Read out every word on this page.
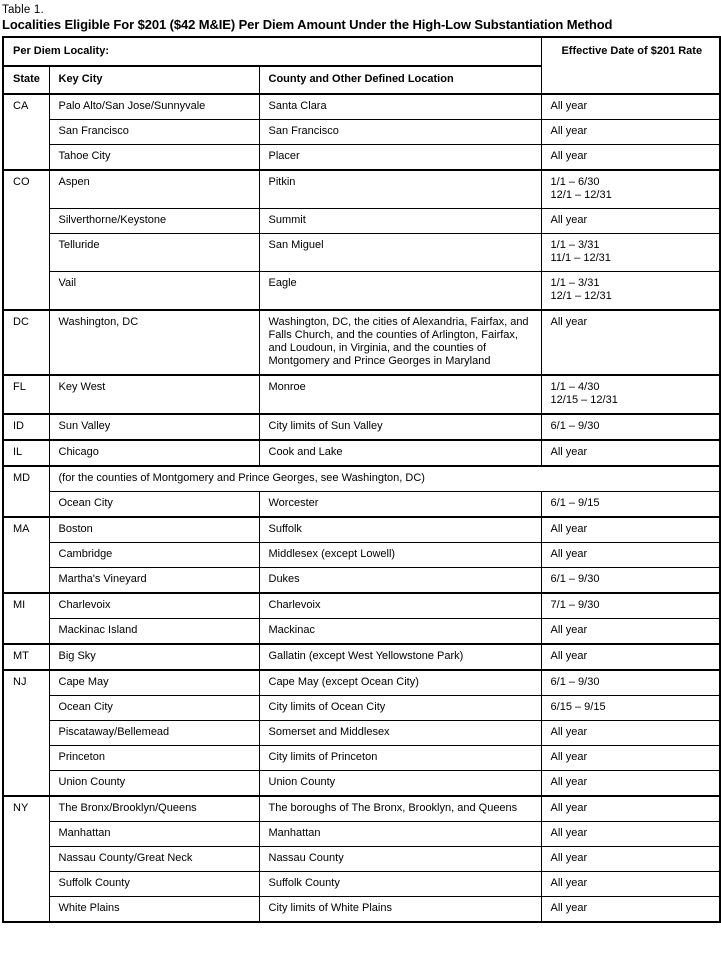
Table 1.
Localities Eligible For $201 ($42 M&IE) Per Diem Amount Under the High-Low Substantiation Method
Per Diem Locality:			Effective Date of $201 Rate
State	Key City	County and Other Defined Location	
CA	Palo Alto/San Jose/Sunnyvale	Santa Clara	All year

	San Francisco	San Francisco	All year

	Tahoe City	Placer	All year

CO	Aspen	Pitkin	1/1 – 6/30
12/1 – 12/31

	Silverthorne/Keystone	Summit	All year

	Telluride	San Miguel	1/1 – 3/31
11/1 – 12/31

	Vail	Eagle	1/1 – 3/31
12/1 – 12/31

DC	Washington, DC	Washington, DC, the cities of Alexandria, Fairfax, and Falls Church, and the counties of Arlington, Fairfax, and Loudoun, in Virginia, and the counties of Montgomery and Prince Georges in Maryland	All year

FL	Key West	Monroe	1/1 – 4/30
12/15 – 12/31

ID	Sun Valley	City limits of Sun Valley	6/1 – 9/30

IL	Chicago	Cook and Lake	All year

MD	(for the counties of Montgomery and Prince Georges, see Washington, DC)		
	Ocean City	Worcester	6/1 – 9/15

MA	Boston	Suffolk	All year

	Cambridge	Middlesex (except Lowell)	All year

	Martha's Vineyard	Dukes	6/1 – 9/30

MI	Charlevoix	Charlevoix	7/1 – 9/30

	Mackinac Island	Mackinac	All year

MT	Big Sky	Gallatin (except West Yellowstone Park)	All year

NJ	Cape May	Cape May (except Ocean City)	6/1 – 9/30

	Ocean City	City limits of Ocean City	6/15 – 9/15

	Piscataway/Bellemead	Somerset and Middlesex	All year

	Princeton	City limits of Princeton	All year

	Union County	Union County	All year

NY	The Bronx/Brooklyn/Queens	The boroughs of The Bronx, Brooklyn, and Queens	All year

	Manhattan	Manhattan	All year

	Nassau County/Great Neck	Nassau County	All year

	Suffolk County	Suffolk County	All year

	White Plains	City limits of White Plains	All year
